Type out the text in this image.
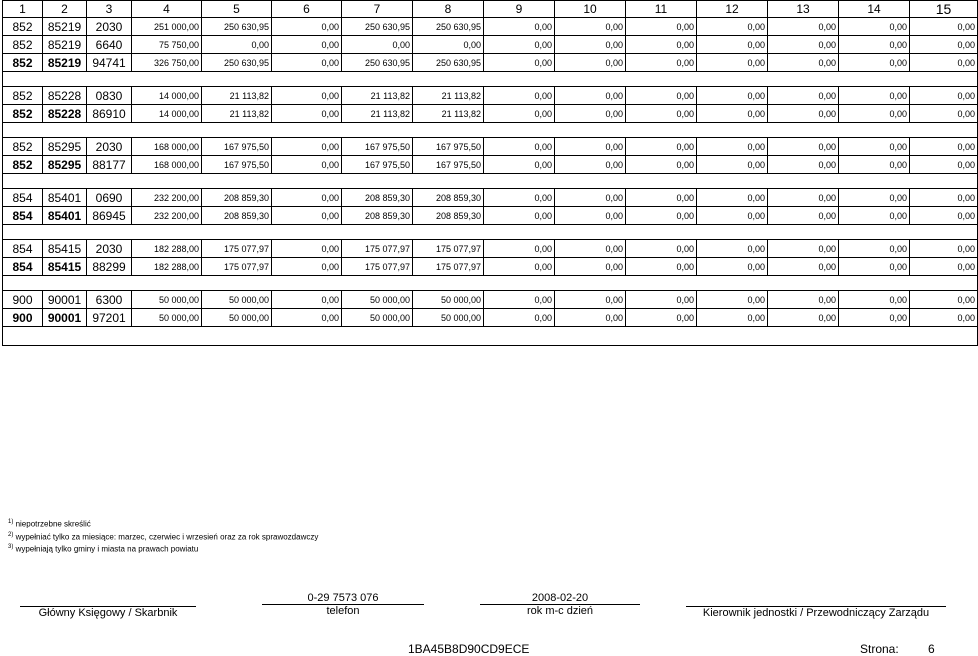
1	2	3	4	5	6	7	8	9	10	11	12	13	14	15
852	85219	2030	251 000,00	250 630,95	0,00	250 630,95	250 630,95	0,00	0,00	0,00	0,00	0,00	0,00	0,00
852	85219	6640	75 750,00	0,00	0,00	0,00	0,00	0,00	0,00	0,00	0,00	0,00	0,00	0,00
852	85219	94741	326 750,00	250 630,95	0,00	250 630,95	250 630,95	0,00	0,00	0,00	0,00	0,00	0,00	0,00

852	85228	0830	14 000,00	21 113,82	0,00	21 113,82	21 113,82	0,00	0,00	0,00	0,00	0,00	0,00	0,00
852	85228	86910	14 000,00	21 113,82	0,00	21 113,82	21 113,82	0,00	0,00	0,00	0,00	0,00	0,00	0,00

852	85295	2030	168 000,00	167 975,50	0,00	167 975,50	167 975,50	0,00	0,00	0,00	0,00	0,00	0,00	0,00
852	85295	88177	168 000,00	167 975,50	0,00	167 975,50	167 975,50	0,00	0,00	0,00	0,00	0,00	0,00	0,00

854	85401	0690	232 200,00	208 859,30	0,00	208 859,30	208 859,30	0,00	0,00	0,00	0,00	0,00	0,00	0,00
854	85401	86945	232 200,00	208 859,30	0,00	208 859,30	208 859,30	0,00	0,00	0,00	0,00	0,00	0,00	0,00

854	85415	2030	182 288,00	175 077,97	0,00	175 077,97	175 077,97	0,00	0,00	0,00	0,00	0,00	0,00	0,00
854	85415	88299	182 288,00	175 077,97	0,00	175 077,97	175 077,97	0,00	0,00	0,00	0,00	0,00	0,00	0,00

900	90001	6300	50 000,00	50 000,00	0,00	50 000,00	50 000,00	0,00	0,00	0,00	0,00	0,00	0,00	0,00
900	90001	97201	50 000,00	50 000,00	0,00	50 000,00	50 000,00	0,00	0,00	0,00	0,00	0,00	0,00	0,00

$^{1)}$ niepotrzebne skreślić
$^{2)}$ wypełniać tylko za miesiące: marzec, czerwiec i wrzesień oraz za rok sprawozdawczy
$^{3)}$ wypełniają tylko gminy i miasta na prawach powiatu
Główny Księgowy / Skarbnik
0-29 7573 076
telefon
2008-02-20
rok m-c dzień	Kierownik jednostki / Przewodniczący Zarządu
1BA45B8D90CD9ECE	Strona: 6
